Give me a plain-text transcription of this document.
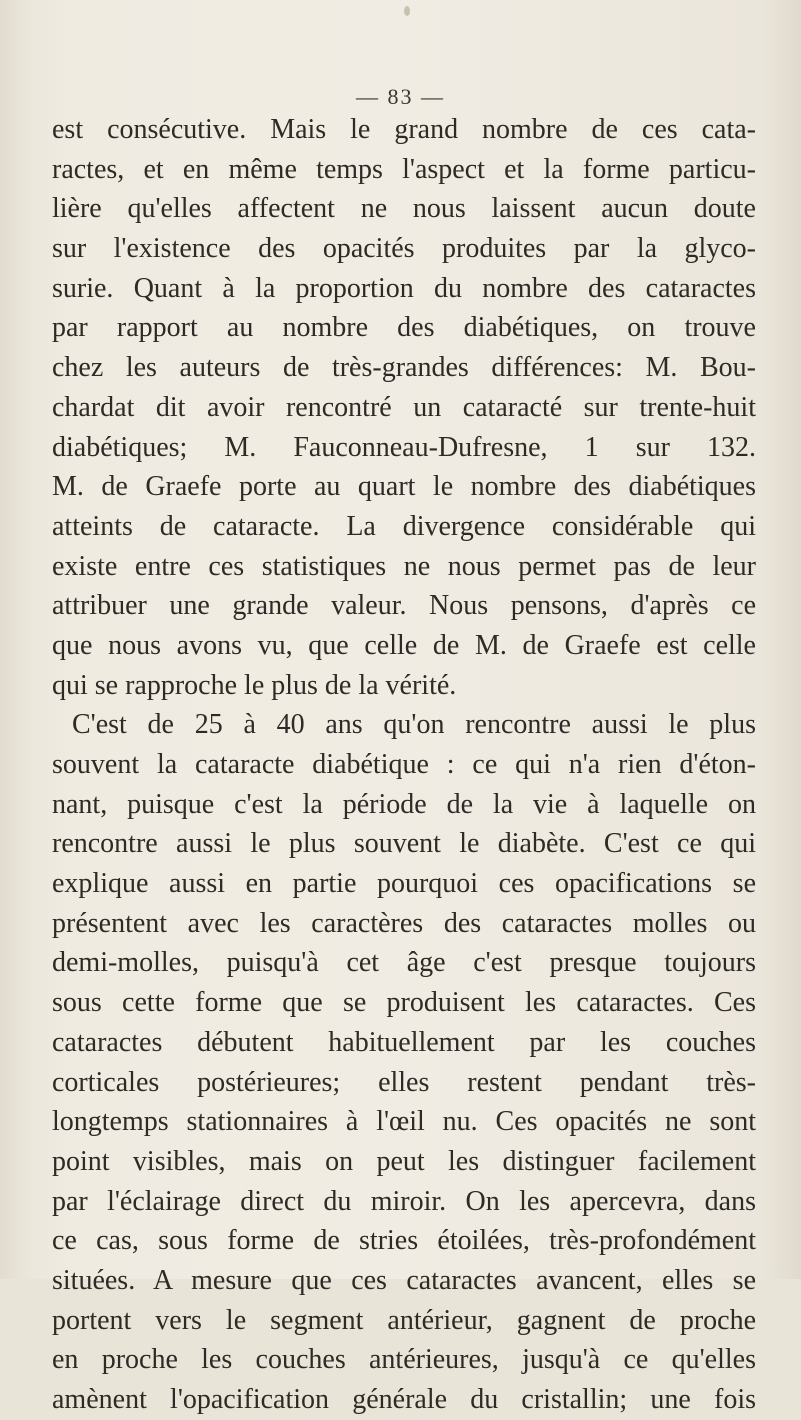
— 83 —
est consécutive. Mais le grand nombre de ces cata-
ractes, et en même temps l'aspect et la forme particu-
lière qu'elles affectent ne nous laissent aucun doute
sur l'existence des opacités produites par la glyco-
surie. Quant à la proportion du nombre des cataractes
par rapport au nombre des diabétiques, on trouve
chez les auteurs de très-grandes différences: M. Bou-
chardat dit avoir rencontré un cataracté sur trente-huit
diabétiques; M. Fauconneau-Dufresne, 1 sur 132.
M. de Graefe porte au quart le nombre des diabétiques
atteints de cataracte. La divergence considérable qui
existe entre ces statistiques ne nous permet pas de leur
attribuer une grande valeur. Nous pensons, d'après ce
que nous avons vu, que celle de M. de Graefe est celle
qui se rapproche le plus de la vérité.
C'est de 25 à 40 ans qu'on rencontre aussi le plus
souvent la cataracte diabétique : ce qui n'a rien d'éton-
nant, puisque c'est la période de la vie à laquelle on
rencontre aussi le plus souvent le diabète. C'est ce qui
explique aussi en partie pourquoi ces opacifications se
présentent avec les caractères des cataractes molles ou
demi-molles, puisqu'à cet âge c'est presque toujours
sous cette forme que se produisent les cataractes. Ces
cataractes débutent habituellement par les couches
corticales postérieures; elles restent pendant très-
longtemps stationnaires à l'œil nu. Ces opacités ne sont
point visibles, mais on peut les distinguer facilement
par l'éclairage direct du miroir. On les apercevra, dans
ce cas, sous forme de stries étoilées, très-profondément
situées. A mesure que ces cataractes avancent, elles se
portent vers le segment antérieur, gagnent de proche
en proche les couches antérieures, jusqu'à ce qu'elles
amènent l'opacification générale du cristallin; une fois
